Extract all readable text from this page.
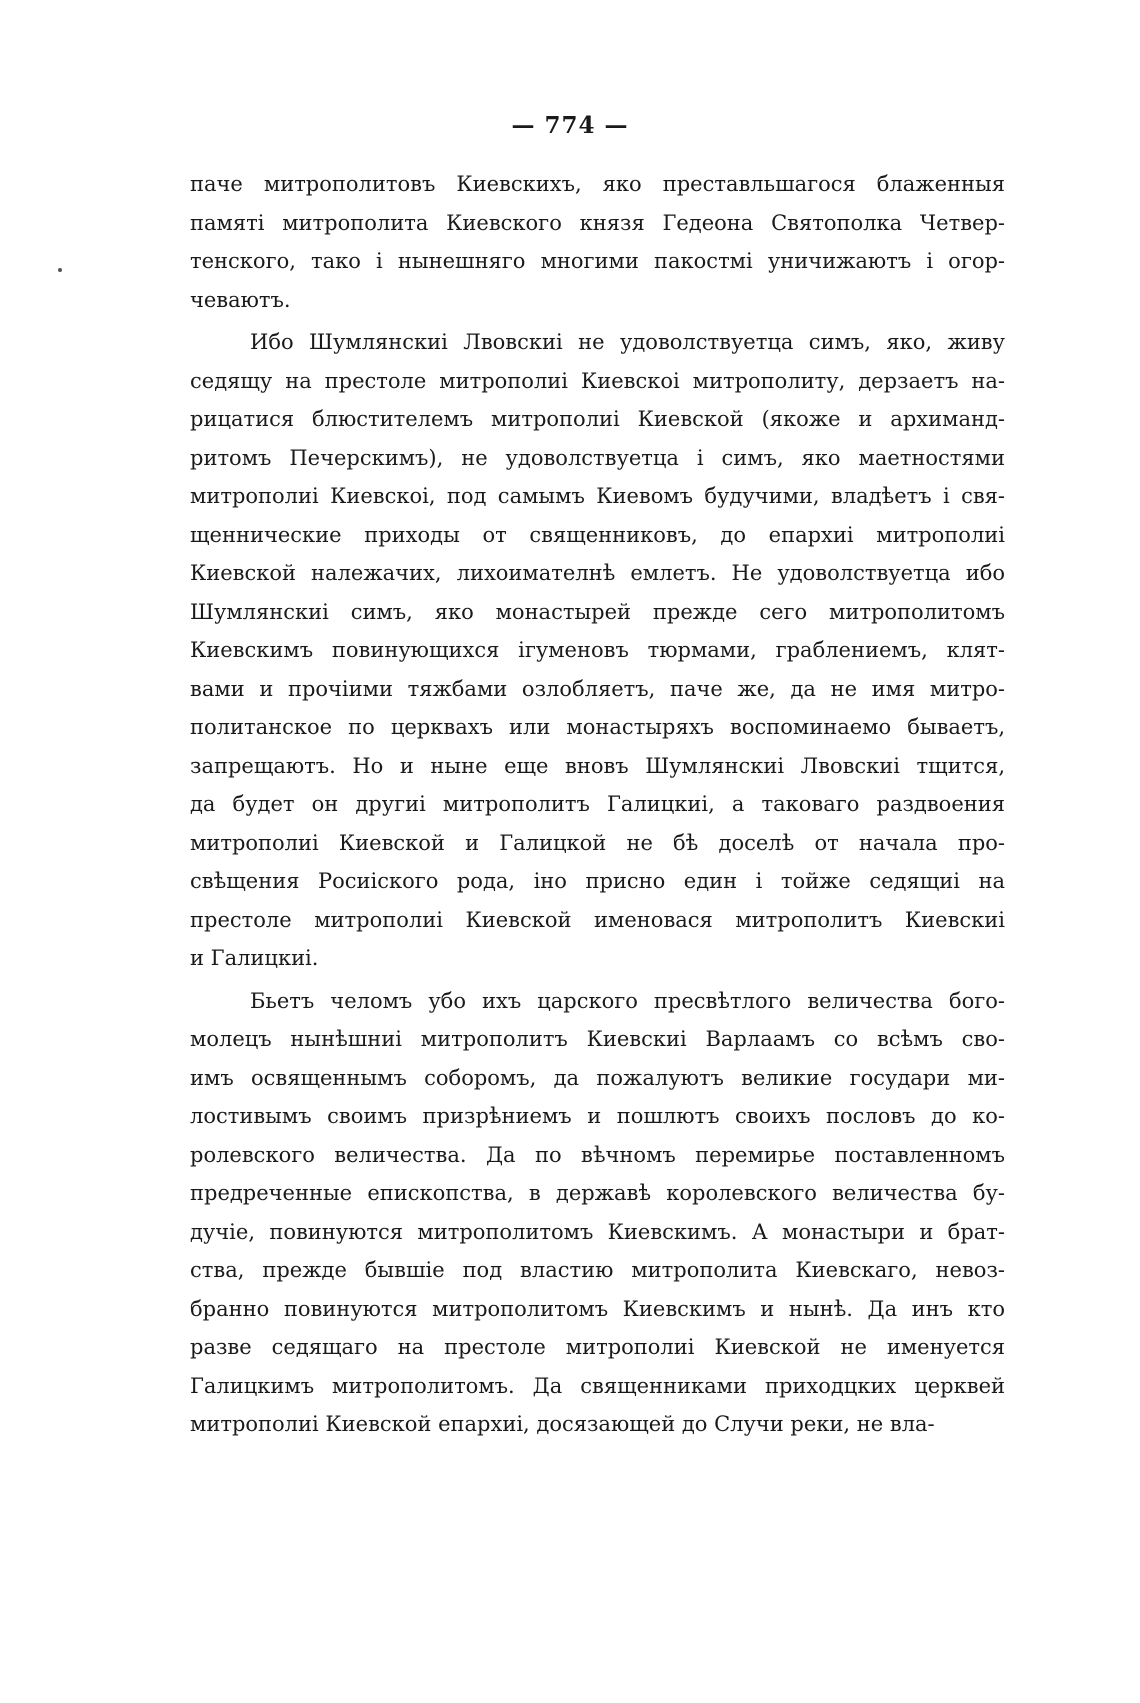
— 774 —
паче митрополитовъ Киевскихъ, яко преставльшагося блаженныя
памяті митрополита Киевского князя Гедеона Святополка Четвер-
тенского, тако і нынешняго многими пакостмі уничижаютъ і огор-
чеваютъ.
Ибо Шумлянскиі Лвовскиі не удоволствуетца симъ, яко, живу
седящу на престоле митрополиі Киевскоі митрополиту, дерзаетъ на-
рицатися блюстителемъ митрополиі Киевской (якоже и архиманд-
ритомъ Печерскимъ), не удоволствуетца і симъ, яко маетностями
митрополиі Киевскоі, под самымъ Киевомъ будучими, владѣетъ і свя-
щеннические приходы от священниковъ, до епархиі митрополиі
Киевской належачих, лихоимателнѣ емлетъ. Не удоволствуетца ибо
Шумлянскиі симъ, яко монастырей прежде сего митрополитомъ
Киевскимъ повинующихся ігуменовъ тюрмами, граблениемъ, клят-
вами и прочіими тяжбами озлобляетъ, паче же, да не имя митро-
политанское по церквахъ или монастыряхъ воспоминаемо бываетъ,
запрещаютъ. Но и ныне еще вновъ Шумлянскиі Лвовскиі тщится,
да будет он другиі митрополитъ Галицкиі, а таковаго раздвоения
митрополиі Киевской и Галицкой не бѣ доселѣ от начала про-
свѣщения Росиіского рода, іно присно един і тойже седящиі на
престоле митрополиі Киевской именовася митрополитъ Киевскиі
и Галицкиі.
Бьетъ челомъ убо ихъ царского пресвѣтлого величества бого-
молецъ нынѣшниі митрополитъ Киевскиі Варлаамъ со всѣмъ сво-
имъ освященнымъ соборомъ, да пожалуютъ великие государи ми-
лостивымъ своимъ призрѣниемъ и пошлютъ своихъ пословъ до ко-
ролевского величества. Да по вѣчномъ перемирье поставленномъ
предреченные епископства, в державѣ королевского величества бу-
дучіе, повинуются митрополитомъ Киевскимъ. А монастыри и брат-
ства, прежде бывшіе под властию митрополита Киевскаго, невоз-
бранно повинуются митрополитомъ Киевскимъ и нынѣ. Да инъ кто
разве седящаго на престоле митрополиі Киевской не именуется
Галицкимъ митрополитомъ. Да священниками приходцких церквей
митрополиі Киевской епархиі, досязающей до Случи реки, не вла-
